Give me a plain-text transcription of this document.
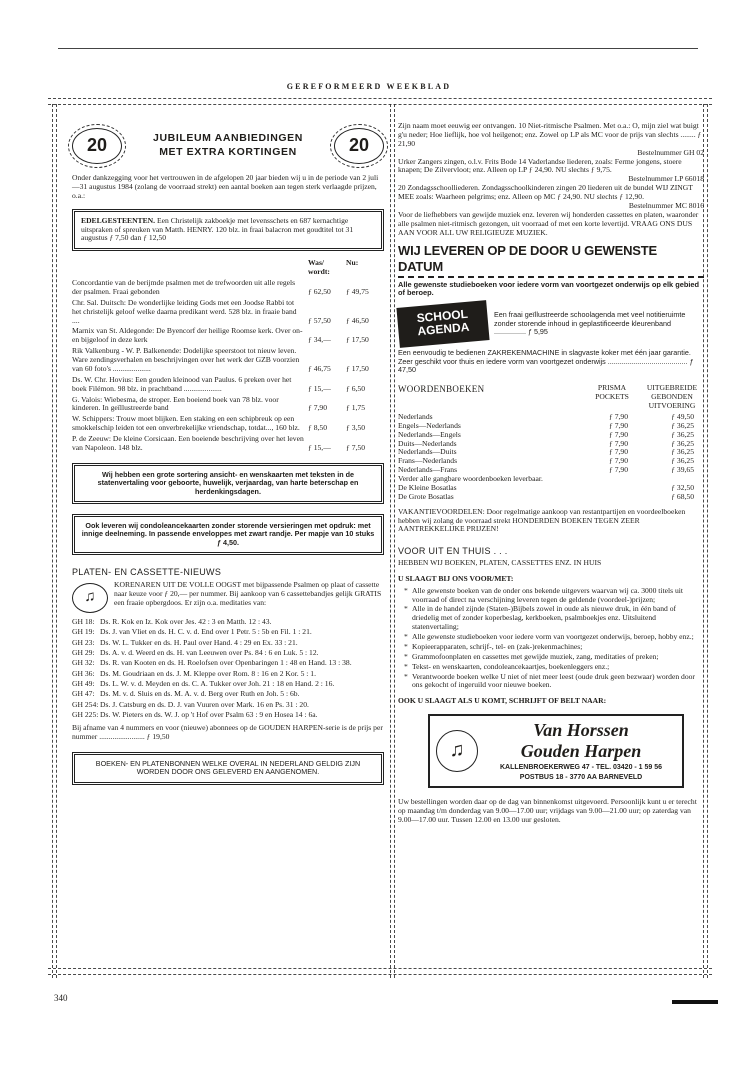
GEREFORMEERD WEEKBLAD
20	JUBILEUM AANBIEDINGEN
MET EXTRA KORTINGEN	20

Onder dankzegging voor het vertrouwen in de afgelopen 20 jaar bieden wij u in de periode van 2 juli—31 augustus 1984 (zolang de voorraad strekt) een aantal boeken aan tegen sterk verlaagde prijzen, o.a.:

EDELGESTEENTEN. Een Christelijk zakboekje met levensschets en 687 kernachtige uitspraken of spreuken van Matth. HENRY. 120 blz. in fraai balacron met goudtitel tot 31 augustus ƒ 7,50 dan ƒ 12,50
Was/ wordt:
Nu:
Concordantie van de berijmde psalmen met de trefwoorden uit alle regels der psalmen. Fraai gebonden	ƒ 62,50	ƒ 49,75
Chr. Sal. Duitsch: De wonderlijke leiding Gods met een Joodse Rabbi tot het christelijk geloof welke daarna predikant werd. 528 blz. in fraaie band ....	ƒ 57,50	ƒ 46,50
Marnix van St. Aldegonde: De Byencorf der heilige Roomse kerk. Over on- en bijgeloof in deze kerk	ƒ 34,—	ƒ 17,50
Rik Valkenburg - W. P. Balkenende: Dodelijke speerstoot tot nieuw leven. Ware zendingsverhalen en beschrijvingen over het werk der GZB voorzien van 60 foto's ....................	ƒ 46,75	ƒ 17,50
Ds. W. Chr. Hovius: Een gouden kleinood van Paulus. 6 preken over het boek Filémon. 98 blz. in prachtband ....................	ƒ 15,—	ƒ 6,50
G. Valois: Wiebesma, de stroper. Een boeiend boek van 78 blz. voor kinderen. In geïllustreerde band	ƒ 7,90	ƒ 1,75
W. Schippers: Trouw moet blijken. Een staking en een schipbreuk op een smokkelschip leiden tot een onverbrekelijke vriendschap, totdat..., 160 blz.	ƒ 8,50	ƒ 3,50
P. de Zeeuw: De kleine Corsicaan. Een boeiende beschrijving over het leven van Napoleon. 148 blz.	ƒ 15,—	ƒ 7,50
Wij hebben een grote sortering ansicht- en wenskaarten met teksten in de statenvertaling voor geboorte, huwelijk, verjaardag, van harte beterschap en herdenkingsdagen.
Ook leveren wij condoleancekaarten zonder storende versieringen met opdruk: met innige deelneming. In passende enveloppes met zwart randje. Per mapje van 10 stuks ƒ 4,50.
PLATEN- EN CASSETTE-NIEUWS
♫

KORENAREN UIT DE VOLLE OOGST met bijpassende Psalmen op plaat of cassette naar keuze voor ƒ 20,— per nummer. Bij aankoop van 6 cassettebandjes gelijk GRATIS een fraaie opbergdoos. Er zijn o.a. meditaties van:

GH 18: Ds. R. Kok en Iz. Kok over Jes. 42 : 3 en Matth. 12 : 43.
GH 19: Ds. J. van Vliet en ds. H. C. v. d. End over 1 Petr. 5 : 5b en Fil. 1 : 21.
GH 23: Ds. W. L. Tukker en ds. H. Paul over Hand. 4 : 29 en Ex. 33 : 21.
GH 29: Ds. A. v. d. Weerd en ds. H. van Leeuwen over Ps. 84 : 6 en Luk. 5 : 12.
GH 32: Ds. R. van Kooten en ds. H. Roelofsen over Openbaringen 1 : 48 en Hand. 13 : 38.
GH 36: Ds. M. Goudriaan en ds. J. M. Kleppe over Rom. 8 : 16 en 2 Kor. 5 : 1.
GH 49: Ds. L. W. v. d. Meyden en ds. C. A. Tukker over Joh. 21 : 18 en Hand. 2 : 16.
GH 47: Ds. M. v. d. Sluis en ds. M. A. v. d. Berg over Ruth en Joh. 5 : 6b.
GH 254: Ds. J. Catsburg en ds. D. J. van Vuuren over Mark. 16 en Ps. 31 : 20.
GH 225: Ds. W. Pieters en ds. W. J. op 't Hof over Psalm 63 : 9 en Hosea 14 : 6a.

Bij afname van 4 nummers en voor (nieuwe) abonnees op de GOUDEN HARPEN-serie is de prijs per nummer ........................ ƒ 19,50

BOEKEN- EN PLATENBONNEN WELKE OVERAL IN NEDERLAND GELDIG ZIJN WORDEN DOOR ONS GELEVERD EN AANGENOMEN.

Zijn naam moet eeuwig eer ontvangen. 10 Niet-ritmische Psalmen. Met o.a.: O, mijn ziel wat buigt g'u neder; Hoe lieflijk, hoe vol heilgenot; enz. Zowel op LP als MC voor de prijs van slechts ........ ƒ 21,90

Bestelnummer GH 02

Urker Zangers zingen, o.l.v. Frits Bode 14 Vaderlandse liederen, zoals: Ferme jongens, stoere knapen; De Zilvervloot; enz. Alleen op LP ƒ 24,90. NU slechts ƒ 9,75.

Bestelnummer LP 66018

20 Zondagsschoolliederen. Zondagsschoolkinderen zingen 20 liederen uit de bundel WIJ ZINGT MEE zoals: Waarheen pelgrims; enz. Alleen op MC ƒ 24,90. NU slechts ƒ 12,90.

Bestelnummer MC 8016

Voor de liefhebbers van gewijde muziek enz. leveren wij honderden cassettes en platen, waaronder alle psalmen niet-ritmisch gezongen, uit voorraad of met een korte levertijd. VRAAG ONS DUS AAN VOOR ALL UW RELIGIEUZE MUZIEK.

WIJ LEVEREN OP DE DOOR U GEWENSTE DATUM

Alle gewenste studieboeken voor iedere vorm van voortgezet onderwijs op elk gebied of beroep.

SCHOOL
AGENDA

Een fraai geïllustreerde schoolagenda met veel notitieruimte zonder storende inhoud in geplastificeerde kleurenband ................ ƒ 5,95

Een eenvoudig te bedienen ZAKREKENMACHINE in slagvaste koker met één jaar garantie. Zeer geschikt voor thuis en iedere vorm van voortgezet onderwijs ........................................ ƒ 47,50

WOORDENBOEKEN	PRISMA POCKETS
UITGEBREIDE GEBONDEN UITVOERING
Nederlands	ƒ 7,90	ƒ 49,50
Engels—Nederlands	ƒ 7,90	ƒ 36,25
Nederlands—Engels	ƒ 7,90	ƒ 36,25
Duits—Nederlands	ƒ 7,90	ƒ 36,25
Nederlands—Duits	ƒ 7,90	ƒ 36,25
Frans—Nederlands	ƒ 7,90	ƒ 36,25
Nederlands—Frans	ƒ 7,90	ƒ 39,65

Verder alle gangbare woordenboeken leverbaar.

De Kleine Bosatlas	ƒ 32,50
De Grote Bosatlas	ƒ 68,50

VAKANTIEVOORDELEN: Door regelmatige aankoop van restantpartijen en voordeelboeken hebben wij zolang de voorraad strekt HONDERDEN BOEKEN TEGEN ZEER AANTREKKELIJKE PRIJZEN!

VOOR UIT EN THUIS . . .

HEBBEN WIJ BOEKEN, PLATEN, CASSETTES ENZ. IN HUIS

U SLAAGT BIJ ONS VOOR/MET:

* Alle gewenste boeken van de onder ons bekende uitgevers waarvan wij ca. 3000 titels uit voorraad of direct na verschijning leveren tegen de geldende (voordeel-)prijzen;
* Alle in de handel zijnde (Staten-)Bijbels zowel in oude als nieuwe druk, in één band of driedelig met of zonder koperbeslag, kerkboeken, psalmboekjes enz. Uitsluitend statenvertaling;
* Alle gewenste studieboeken voor iedere vorm van voortgezet onderwijs, beroep, hobby enz.;
* Kopieerapparaten, schrijf-, tel- en (zak-)rekenmachines;
* Grammofoonplaten en cassettes met gewijde muziek, zang, meditaties of preken;
* Tekst- en wenskaarten, condoleancekaartjes, boekenleggers enz.;
* Verantwoorde boeken welke U niet of niet meer leest (oude druk geen bezwaar) worden door ons gekocht of ingeruild voor nieuwe boeken.

OOK U SLAAGT ALS U KOMT, SCHRIJFT OF BELT NAAR:

♫
Van Horssen
Gouden Harpen
KALLENBROEKERWEG 47 - TEL. 03420 - 1 59 56
POSTBUS 18 - 3770 AA BARNEVELD

Uw bestellingen worden daar op de dag van binnenkomst uitgevoerd. Persoonlijk kunt u er terecht op maandag t/m donderdag van 9.00—17.00 uur; vrijdags van 9.00—21.00 uur; op zaterdag van 9.00—17.00 uur. Tussen 12.00 en 13.00 uur gesloten.

340
